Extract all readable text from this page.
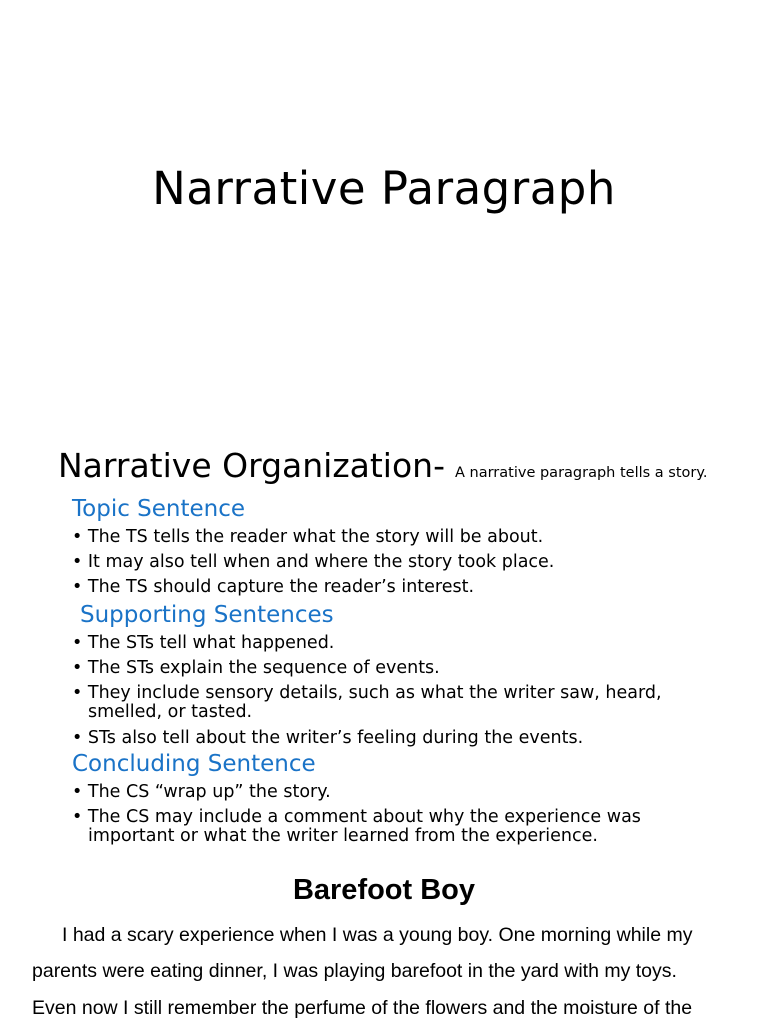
Narrative Paragraph
Narrative Organization- A narrative paragraph tells a story.
Topic Sentence
• The TS tells the reader what the story will be about.
• It may also tell when and where the story took place.
• The TS should capture the reader’s interest.
Supporting Sentences
• The STs tell what happened.
• The STs explain the sequence of events.
• They include sensory details, such as what the writer saw, heard,
smelled, or tasted.
• STs also tell about the writer’s feeling during the events.
Concluding Sentence
• The CS “wrap up” the story.
• The CS may include a comment about why the experience was
important or what the writer learned from the experience.
Barefoot Boy
I had a scary experience when I was a young boy. One morning while my
parents were eating dinner, I was playing barefoot in the yard with my toys.
Even now I still remember the perfume of the flowers and the moisture of the
